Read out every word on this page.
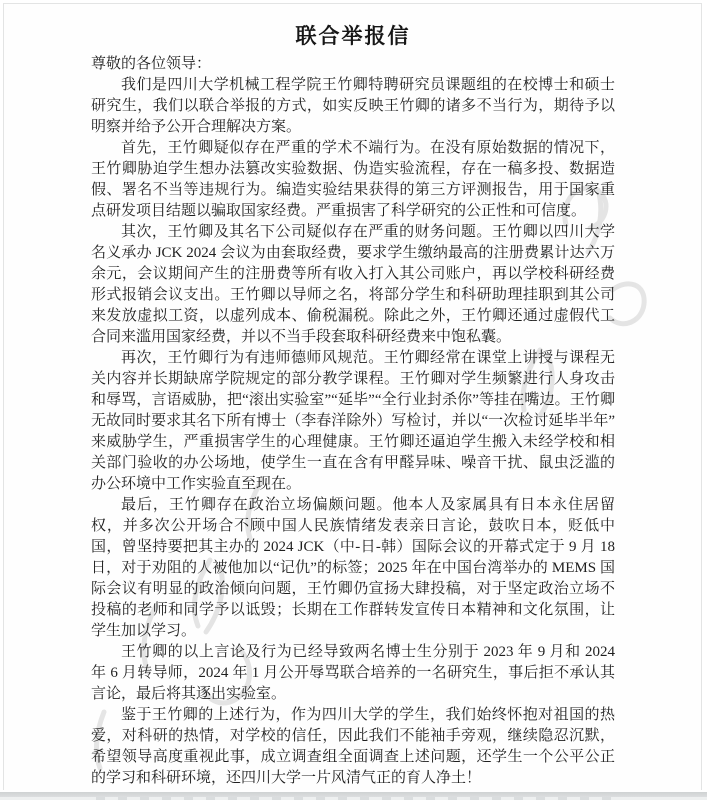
联合举报信

尊敬的各位领导：

我们是四川大学机械工程学院王竹卿特聘研究员课题组的在校博士和硕士研究生，我们以联合举报的方式，如实反映王竹卿的诸多不当行为，期待予以明察并给予公开合理解决方案。

首先，王竹卿疑似存在严重的学术不端行为。在没有原始数据的情况下，王竹卿胁迫学生想办法篡改实验数据、伪造实验流程，存在一稿多投、数据造假、署名不当等违规行为。编造实验结果获得的第三方评测报告，用于国家重点研发项目结题以骗取国家经费。严重损害了科学研究的公正性和可信度。

其次，王竹卿及其名下公司疑似存在严重的财务问题。王竹卿以四川大学名义承办 JCK 2024 会议为由套取经费，要求学生缴纳最高的注册费累计达六万余元，会议期间产生的注册费等所有收入打入其公司账户，再以学校科研经费形式报销会议支出。王竹卿以导师之名，将部分学生和科研助理挂职到其公司来发放虚拟工资，以虚列成本、偷税漏税。除此之外，王竹卿还通过虚假代工合同来滥用国家经费，并以不当手段套取科研经费来中饱私囊。

再次，王竹卿行为有违师德师风规范。王竹卿经常在课堂上讲授与课程无关内容并长期缺席学院规定的部分教学课程。王竹卿对学生频繁进行人身攻击和辱骂，言语威胁，把“滚出实验室”“延毕”“全行业封杀你”等挂在嘴边。王竹卿无故同时要求其名下所有博士（李春洋除外）写检讨，并以“一次检讨延毕半年”来威胁学生，严重损害学生的心理健康。王竹卿还逼迫学生搬入未经学校和相关部门验收的办公场地，使学生一直在含有甲醛异味、噪音干扰、鼠虫泛滥的办公环境中工作实验直至现在。

最后，王竹卿存在政治立场偏颇问题。他本人及家属具有日本永住居留权，并多次公开场合不顾中国人民族情绪发表亲日言论，鼓吹日本，贬低中国，曾坚持要把其主办的 2024 JCK（中-日-韩）国际会议的开幕式定于 9 月 18 日，对于劝阻的人被他加以“记仇”的标签；2025 年在中国台湾举办的 MEMS 国际会议有明显的政治倾向问题，王竹卿仍宣扬大肆投稿，对于坚定政治立场不投稿的老师和同学予以诋毁；长期在工作群转发宣传日本精神和文化氛围，让学生加以学习。

王竹卿的以上言论及行为已经导致两名博士生分别于 2023 年 9 月和 2024 年 6 月转导师，2024 年 1 月公开辱骂联合培养的一名研究生，事后拒不承认其言论，最后将其逐出实验室。

鉴于王竹卿的上述行为，作为四川大学的学生，我们始终怀抱对祖国的热爱，对科研的热情，对学校的信任，因此我们不能袖手旁观，继续隐忍沉默，希望领导高度重视此事，成立调查组全面调查上述问题，还学生一个公平公正的学习和科研环境，还四川大学一片风清气正的育人净土！
